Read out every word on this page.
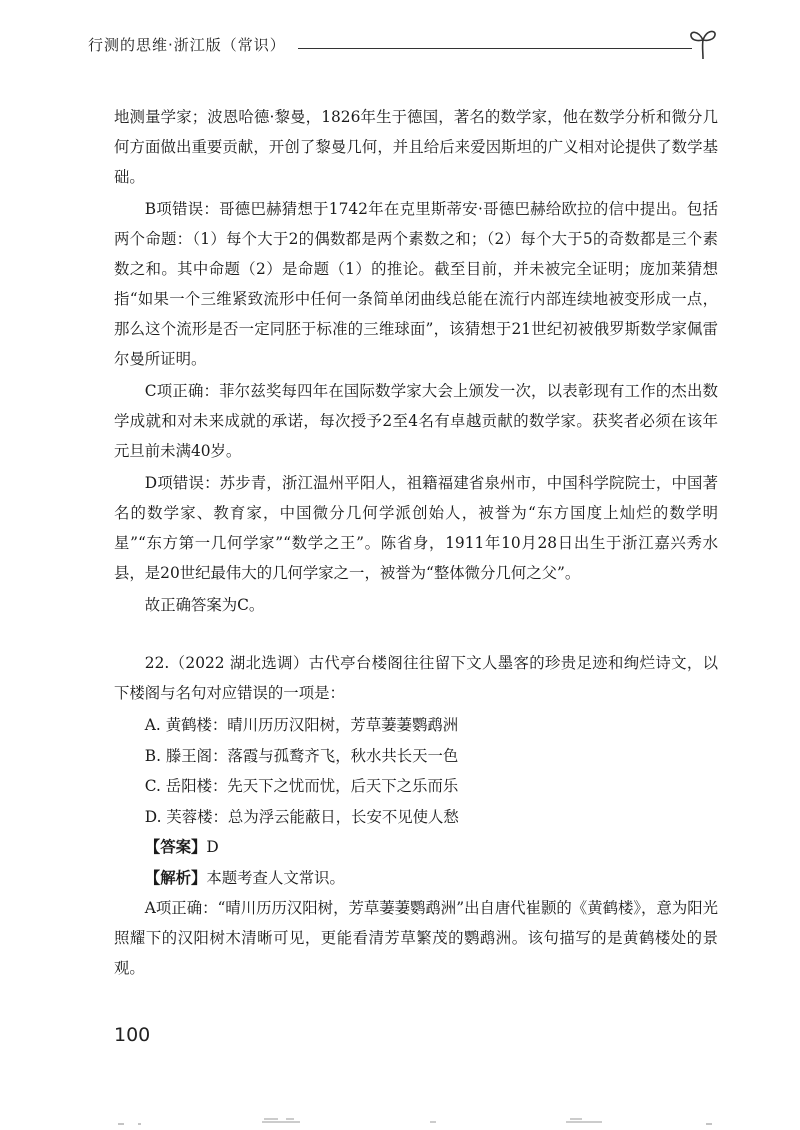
行测的思维·浙江版（常识）

地测量学家；波恩哈德·黎曼，1826年生于德国，著名的数学家，他在数学分析和微分几何方面做出重要贡献，开创了黎曼几何，并且给后来爱因斯坦的广义相对论提供了数学基础。

B项错误：哥德巴赫猜想于1742年在克里斯蒂安·哥德巴赫给欧拉的信中提出。包括两个命题：（1）每个大于2的偶数都是两个素数之和；（2）每个大于5的奇数都是三个素数之和。其中命题（2）是命题（1）的推论。截至目前，并未被完全证明；庞加莱猜想指“如果一个三维紧致流形中任何一条简单闭曲线总能在流行内部连续地被变形成一点，那么这个流形是否一定同胚于标准的三维球面”，该猜想于21世纪初被俄罗斯数学家佩雷尔曼所证明。

C项正确：菲尔兹奖每四年在国际数学家大会上颁发一次，以表彰现有工作的杰出数学成就和对未来成就的承诺，每次授予2至4名有卓越贡献的数学家。获奖者必须在该年元旦前未满40岁。

D项错误：苏步青，浙江温州平阳人，祖籍福建省泉州市，中国科学院院士，中国著名的数学家、教育家，中国微分几何学派创始人，被誉为“东方国度上灿烂的数学明星”“东方第一几何学家”“数学之王”。陈省身，1911年10月28日出生于浙江嘉兴秀水县，是20世纪最伟大的几何学家之一，被誉为“整体微分几何之父”。

故正确答案为C。

22.（2022 湖北选调）古代亭台楼阁往往留下文人墨客的珍贵足迹和绚烂诗文，以下楼阁与名句对应错误的一项是：

A. 黄鹤楼：晴川历历汉阳树，芳草萋萋鹦鹉洲

B. 滕王阁：落霞与孤鹜齐飞，秋水共长天一色

C. 岳阳楼：先天下之忧而忧，后天下之乐而乐

D. 芙蓉楼：总为浮云能蔽日，长安不见使人愁

【答案】D

【解析】本题考查人文常识。

A项正确：“晴川历历汉阳树，芳草萋萋鹦鹉洲”出自唐代崔颢的《黄鹤楼》，意为阳光照耀下的汉阳树木清晰可见，更能看清芳草繁茂的鹦鹉洲。该句描写的是黄鹤楼处的景观。

100
